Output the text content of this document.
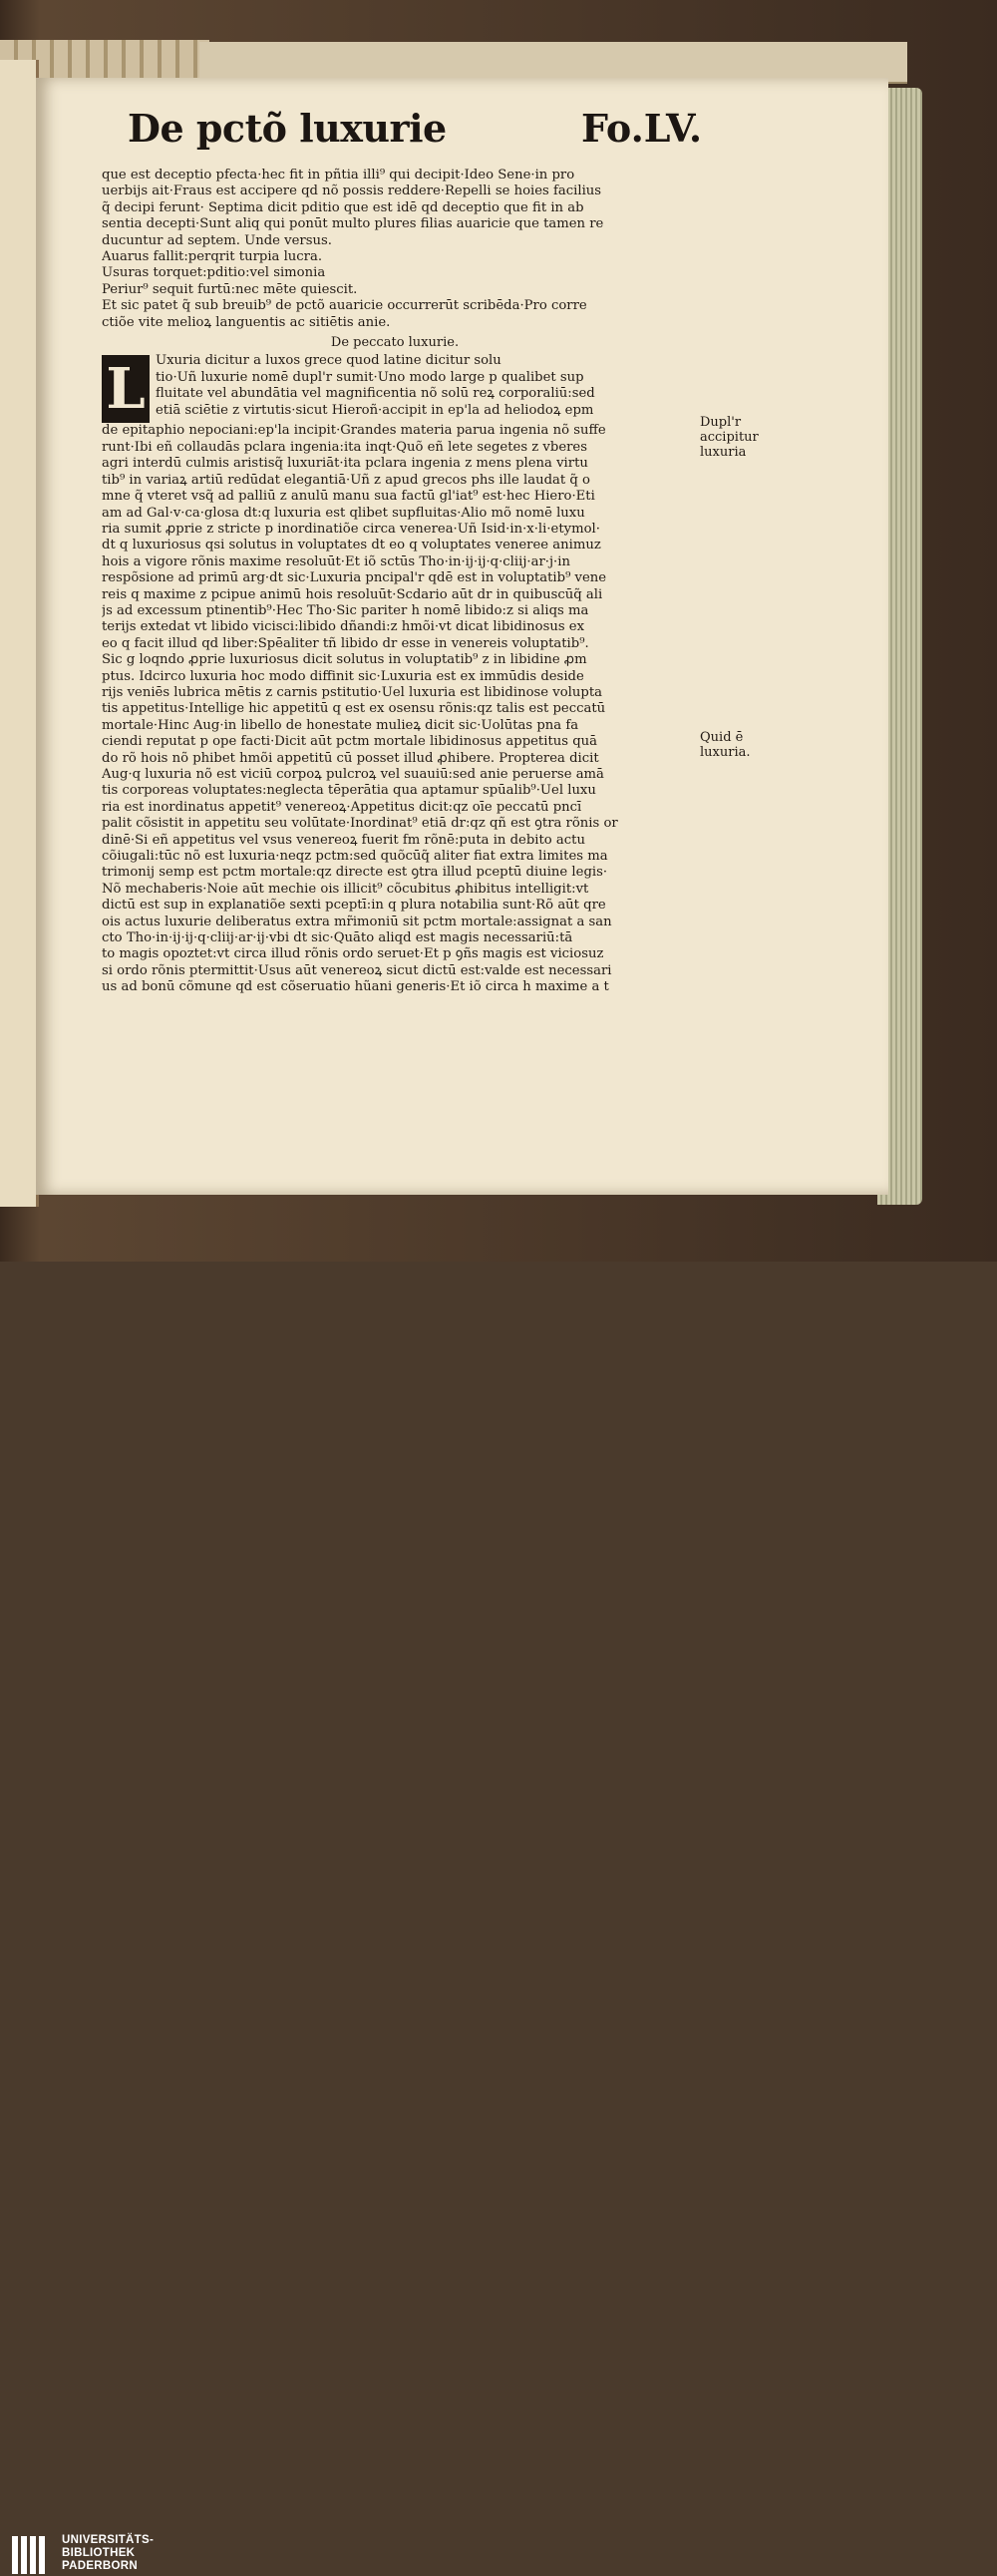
De pctõ luxurie	Fo.LV.
que est deceptio pfecta·hec fit in pñtia illi⁹ qui decipit·Ideo Sene·in pro
uerbijs ait·Fraus est accipere qd nõ possis reddere·Repelli se hoies facilius
q̃ decipi ferunt· Septima dicit pditio que est idē qd deceptio que fit in ab
sentia decepti·Sunt aliq qui ponūt multo plures filias auaricie que tamen re
ducuntur ad septem. Unde versus.
Auarus fallit:perqrit turpia lucra.
Usuras torquet:pditio:vel simonia
Periur⁹ sequit furtū:nec mēte quiescit.
Et sic patet q̃ sub breuib⁹ de pctõ auaricie occurrerūt scribēda·Pro corre
ctiõe vite melioꝝ languentis ac sitiētis anie.
De peccato luxurie.
L Uxuria dicitur a luxos grece quod latine dicitur solu
tio·Uñ luxurie nomē dupl'r sumit·Uno modo large p qualibet sup
fluitate vel abundātia vel magnificentia nõ solū reꝝ corporaliū:sed
etiā sciētie z virtutis·sicut Hieroñ·accipit in ep'la ad heliodoꝝ epm
de epitaphio nepociani:ep'la incipit·Grandes materia parua ingenia nõ suffe
runt·Ibi eñ collaudās pclara ingenia:ita inqt·Quõ eñ lete segetes z vberes
agri interdū culmis aristisq̃ luxuriāt·ita pclara ingenia z mens plena virtu
tib⁹ in variaꝝ artiū redūdat elegantiā·Uñ z apud grecos phs ille laudat q̃ o
mne q̃ vteret vsq̃ ad palliū z anulū manu sua factū gl'iat⁹ est·hec Hiero·Eti
am ad Gal·v·ca·glosa dt:q luxuria est qlibet supfluitas·Alio mõ nomē luxu
ria sumit ꝓprie z stricte p inordinatiõe circa venerea·Uñ Isid·in·x·li·etymol·
dt q luxuriosus qsi solutus in voluptates dt eo q voluptates veneree animuz
hois a vigore rõnis maxime resoluūt·Et iõ sctūs Tho·in·ij·ij·q·cliij·ar·j·in
respõsione ad primū arg·dt sic·Luxuria pncipal'r qdē est in voluptatib⁹ vene
reis q maxime z pcipue animū hois resoluūt·Scdario aūt dr in quibuscūq̃ ali
js ad excessum ptinentib⁹·Hec Tho·Sic pariter h nomē libido:z si aliqs ma
terijs extedat vt libido vicisci:libido dñandi:z hmõi·vt dicat libidinosus ex
eo q facit illud qd liber:Spēaliter tñ libido dr esse in venereis voluptatib⁹.
Sic g loqndo ꝓprie luxuriosus dicit solutus in voluptatib⁹ z in libidine ꝓm
ptus. Idcirco luxuria hoc modo diffinit sic·Luxuria est ex immūdis deside
rijs veniēs lubrica mētis z carnis pstitutio·Uel luxuria est libidinose volupta
tis appetitus·Intellige hic appetitū q est ex osensu rõnis:qz talis est peccatū
mortale·Hinc Aug·in libello de honestate mulieꝝ dicit sic·Uolūtas pna fa
ciendi reputat p ope facti·Dicit aūt pctm mortale libidinosus appetitus quā
do rõ hois nõ phibet hmõi appetitū cū posset illud ꝓhibere. Propterea dicit
Aug·q luxuria nõ est viciū corpoꝝ pulcroꝝ vel suauiū:sed anie peruerse amā
tis corporeas voluptates:neglecta tēperātia qua aptamur spūalib⁹·Uel luxu
ria est inordinatus appetit⁹ venereoꝝ·Appetitus dicit:qz oīe peccatū pncī
palit cõsistit in appetitu seu volūtate·Inordinat⁹ etiā dr:qz qñ est ꝯtra rõnis or
dinē·Si eñ appetitus vel vsus venereoꝝ fuerit fm rõnē:puta in debito actu
cõiugali:tūc nõ est luxuria·neqz pctm:sed quõcūq̃ aliter fiat extra limites ma
trimonij semp est pctm mortale:qz directe est ꝯtra illud pceptū diuine legis·
Nõ mechaberis·Noie aūt mechie ois illicit⁹ cõcubitus ꝓhibitus intelligit:vt
dictū est sup in explanatiõe sexti pceptī:in q plura notabilia sunt·Rõ aūt qre
ois actus luxurie deliberatus extra mr̃imoniū sit pctm mortale:assignat a san
cto Tho·in·ij·ij·q·cliij·ar·ij·vbi dt sic·Quāto aliqd est magis necessariū:tā
to magis opoztet:vt circa illud rõnis ordo seruet·Et p ꝯñs magis est viciosuz
si ordo rõnis ptermittit·Usus aūt venereoꝝ sicut dictū est:valde est necessari
us ad bonū cõmune qd est cõseruatio hũani generis·Et iõ circa h maxime a t
Dupl'r
accipitur
luxuria
Quid ē
luxuria.
UNIVERSITÄTS-
BIBLIOTHEK
PADERBORN
